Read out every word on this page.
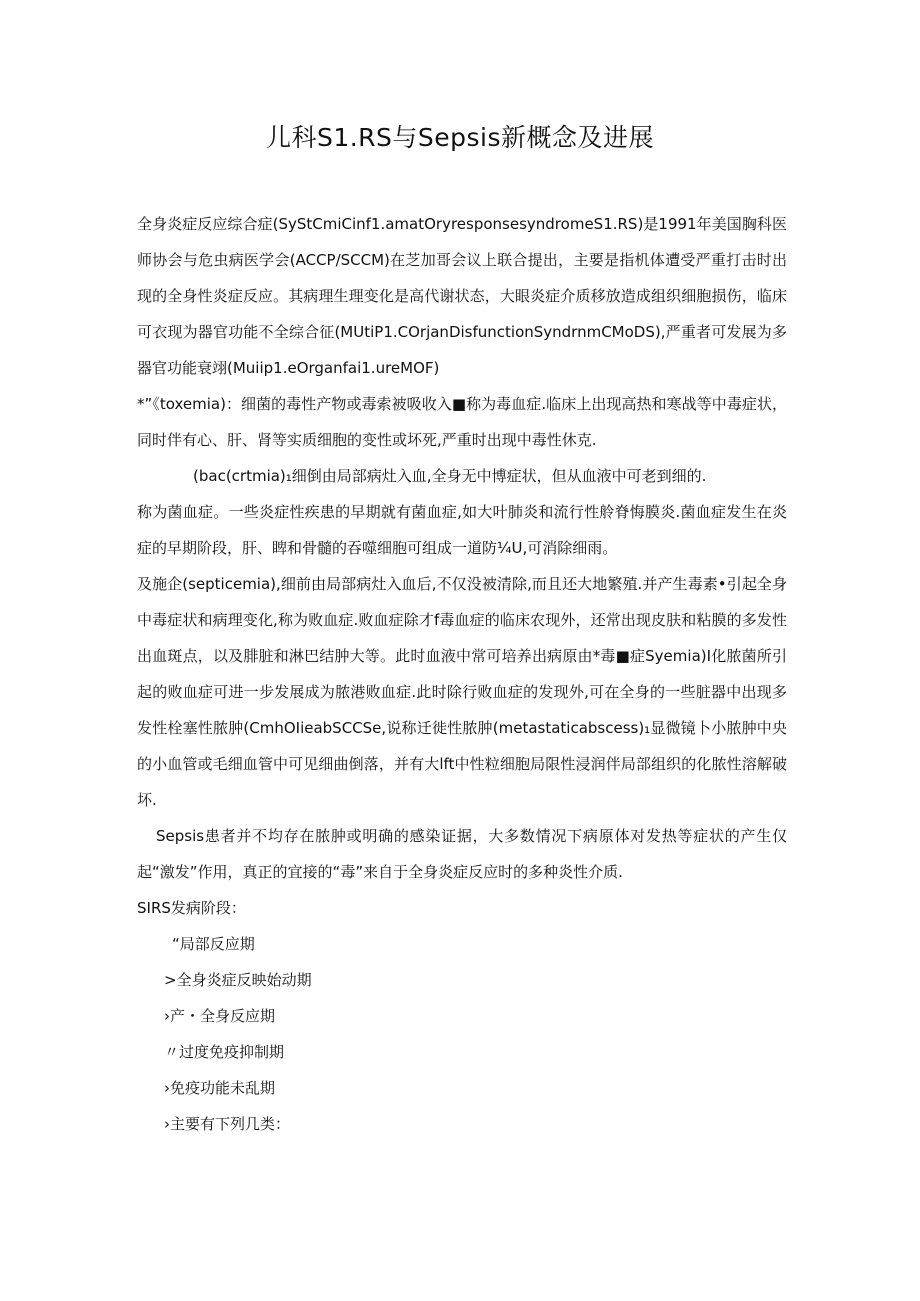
儿科S1.RS与Sepsis新概念及进展

全身炎症反应综合症(SyStCmiCinf1.amatOryresponsesyndromeS1.RS)是1991年美国胸科医师协会与危虫病医学会(ACCP/SCCM)在芝加哥会议上联合提出，主要是指机体遭受严重打击时出现的全身性炎症反应。其病理生理变化是高代谢状态，大眼炎症介质移放造成组织细胞损伤，临床可衣现为器官功能不全综合征(MUtiP1.COrjanDisfunctionSyndrnmCMoDS),严重者可发展为多器官功能衰翊(Muiip1.eOrganfai1.ureMOF)

*”《toxemia)：细菌的毒性产物或毒索被吸收入■称为毒血症.临床上出现高热和寒战等中毒症状，同时伴有心、肝、肾等实质细胞的变性或坏死,严重时出现中毒性休克.

(bac(crtmia)₁细倒由局部病灶入血,全身无中博症状，但从血液中可老到细的.

称为菌血症。一些炎症性疾患的早期就有菌血症,如大叶肺炎和流行性舲脊悔膜炎.菌血症发生在炎症的早期阶段，肝、睥和骨髓的吞噬细胞可组成一道防¼U,可消除细雨。

及施企(septicemia),细前由局部病灶入血后,不仅没被清除,而且还大地繁殖.并产生毒素•引起全身中毒症状和病理变化,称为败血症.败血症除才f毒血症的临床农现外，还常出现皮肤和粘膜的多发性出血斑点，以及腓脏和淋巴结肿大等。此时血液中常可培养出病原由*毒■症Syemia)I化脓菌所引起的败血症可进一步发展成为脓港败血症.此时除行败血症的发现外,可在全身的一些脏器中出现多发性栓塞性脓肿(CmhOIieabSCCSe,说称迁徙性脓肿(metastaticabscess)₁显微镜卜小脓肿中央的小血管或毛细血管中可见细曲倒落，并有大lft中性粒细胞局限性浸润伴局部组织的化脓性溶解破坏.

Sepsis患者并不均存在脓肿或明确的感染证据，大多数情况下病原体对发热等症状的产生仅起“激发”作用，真正的宜接的“毒”来自于全身炎症反应时的多种炎性介质.

SIRS发病阶段：

“局部反应期
>全身炎症反映始动期
›产・全身反应期
〃过度免疫抑制期
›免疫功能未乱期
›主要有下列几类：
